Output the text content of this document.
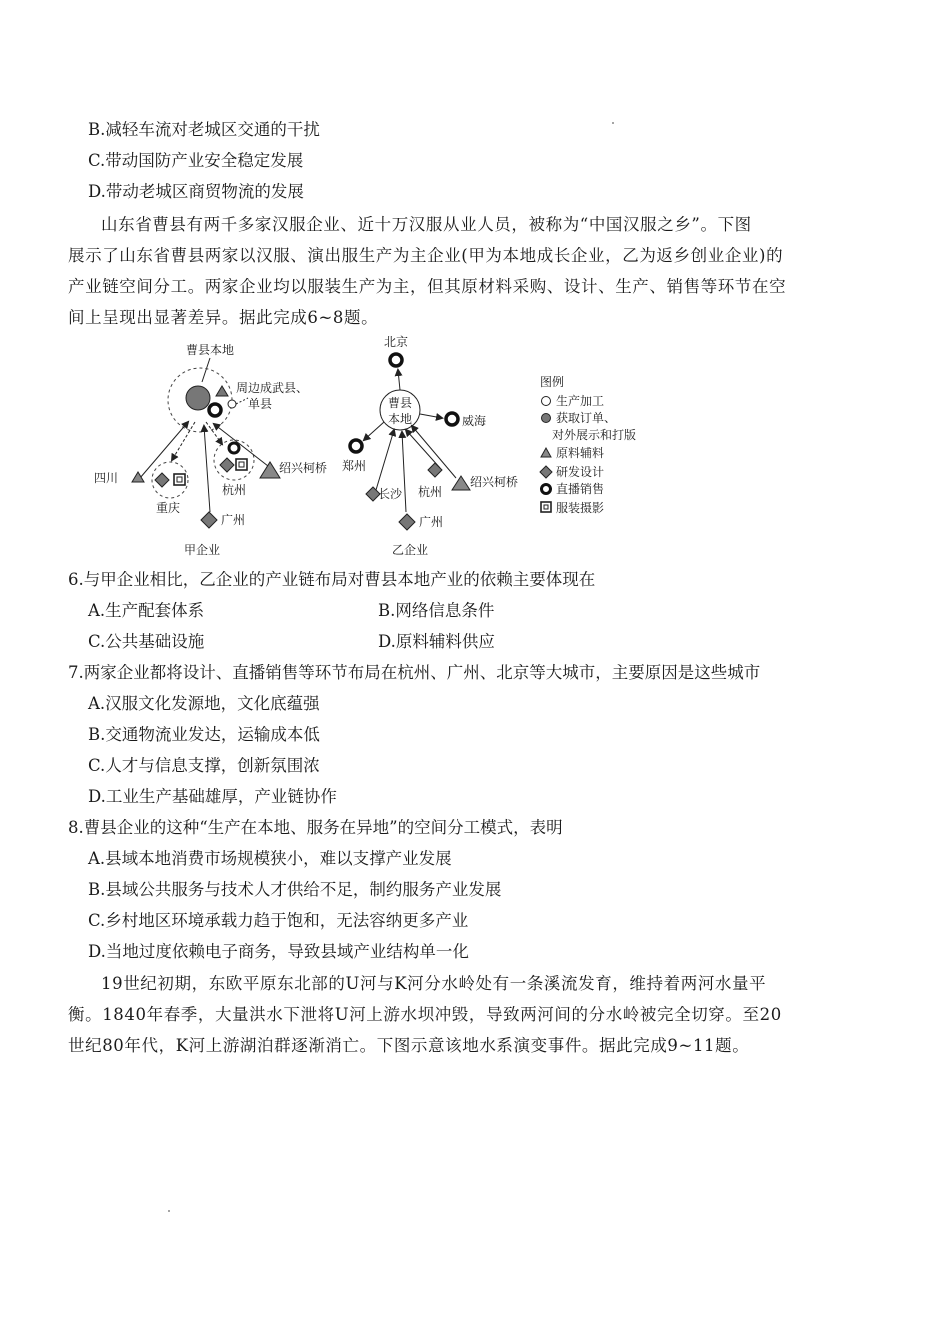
B.减轻车流对老城区交通的干扰
C.带动国防产业安全稳定发展
D.带动老城区商贸物流的发展

山东省曹县有两千多家汉服企业、近十万汉服从业人员，被称为“中国汉服之乡”。下图

展示了山东省曹县两家以汉服、演出服生产为主企业(甲为本地成长企业，乙为返乡创业企业)的

产业链空间分工。两家企业均以服装生产为主，但其原材料采购、设计、生产、销售等环节在空

间上呈现出显著差异。据此完成6~8题。

曹县本地
周边成武县、
单县
四川
重庆
杭州
广州
绍兴柯桥
甲企业
北京
曹县
本地	威海
郑州
长沙 杭州
广州
绍兴柯桥
乙企业
图例
生产加工
获取订单、
对外展示和打版
原料辅料
研发设计
直播销售
服装摄影
6.与甲企业相比，乙企业的产业链布局对曹县本地产业的依赖主要体现在
A.生产配套体系	B.网络信息条件
C.公共基础设施	D.原料辅料供应
7.两家企业都将设计、直播销售等环节布局在杭州、广州、北京等大城市，主要原因是这些城市
A.汉服文化发源地，文化底蕴强
B.交通物流业发达，运输成本低
C.人才与信息支撑，创新氛围浓
D.工业生产基础雄厚，产业链协作
8.曹县企业的这种“生产在本地、服务在异地”的空间分工模式，表明
A.县域本地消费市场规模狭小，难以支撑产业发展
B.县域公共服务与技术人才供给不足，制约服务产业发展
C.乡村地区环境承载力趋于饱和，无法容纳更多产业
D.当地过度依赖电子商务，导致县域产业结构单一化

19世纪初期，东欧平原东北部的U河与K河分水岭处有一条溪流发育，维持着两河水量平

衡。1840年春季，大量洪水下泄将U河上游水坝冲毁，导致两河间的分水岭被完全切穿。至20

世纪80年代，K河上游湖泊群逐渐消亡。下图示意该地水系演变事件。据此完成9~11题。
